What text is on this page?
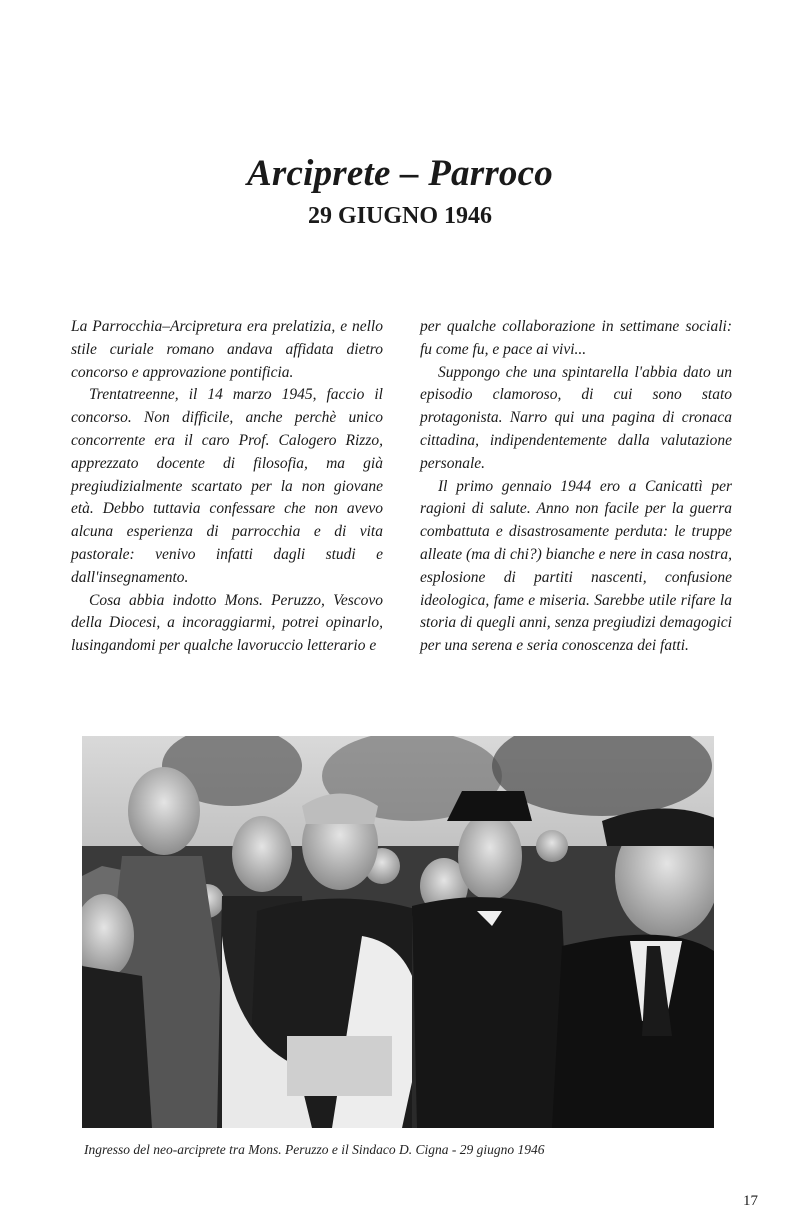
Arciprete – Parroco
29 GIUGNO 1946

La Parrocchia–Arcipretura era prelatizia, e nello stile curiale romano andava affidata dietro concorso e approvazione pontificia.

Trentatreenne, il 14 marzo 1945, faccio il concorso. Non difficile, anche perchè unico concorrente era il caro Prof. Calogero Rizzo, apprezzato docente di filosofia, ma già pregiudizialmente scartato per la non giovane età. Debbo tuttavia confessare che non avevo alcuna esperienza di parrocchia e di vita pastorale: venivo infatti dagli studi e dall'insegnamento.

Cosa abbia indotto Mons. Peruzzo, Vescovo della Diocesi, a incoraggiarmi, potrei opinarlo, lusingandomi per qualche lavoruccio letterario e

per qualche collaborazione in settimane sociali: fu come fu, e pace ai vivi...

Suppongo che una spintarella l'abbia dato un episodio clamoroso, di cui sono stato protagonista. Narro qui una pagina di cronaca cittadina, indipendentemente dalla valutazione personale.

Il primo gennaio 1944 ero a Canicattì per ragioni di salute. Anno non facile per la guerra combattuta e disastrosamente perduta: le truppe alleate (ma di chi?) bianche e nere in casa nostra, esplosione di partiti nascenti, confusione ideologica, fame e miseria. Sarebbe utile rifare la storia di quegli anni, senza pregiudizi demagogici per una serena e seria conoscenza dei fatti.

Ingresso del neo-arciprete tra Mons. Peruzzo e il Sindaco D. Cigna - 29 giugno 1946
17
